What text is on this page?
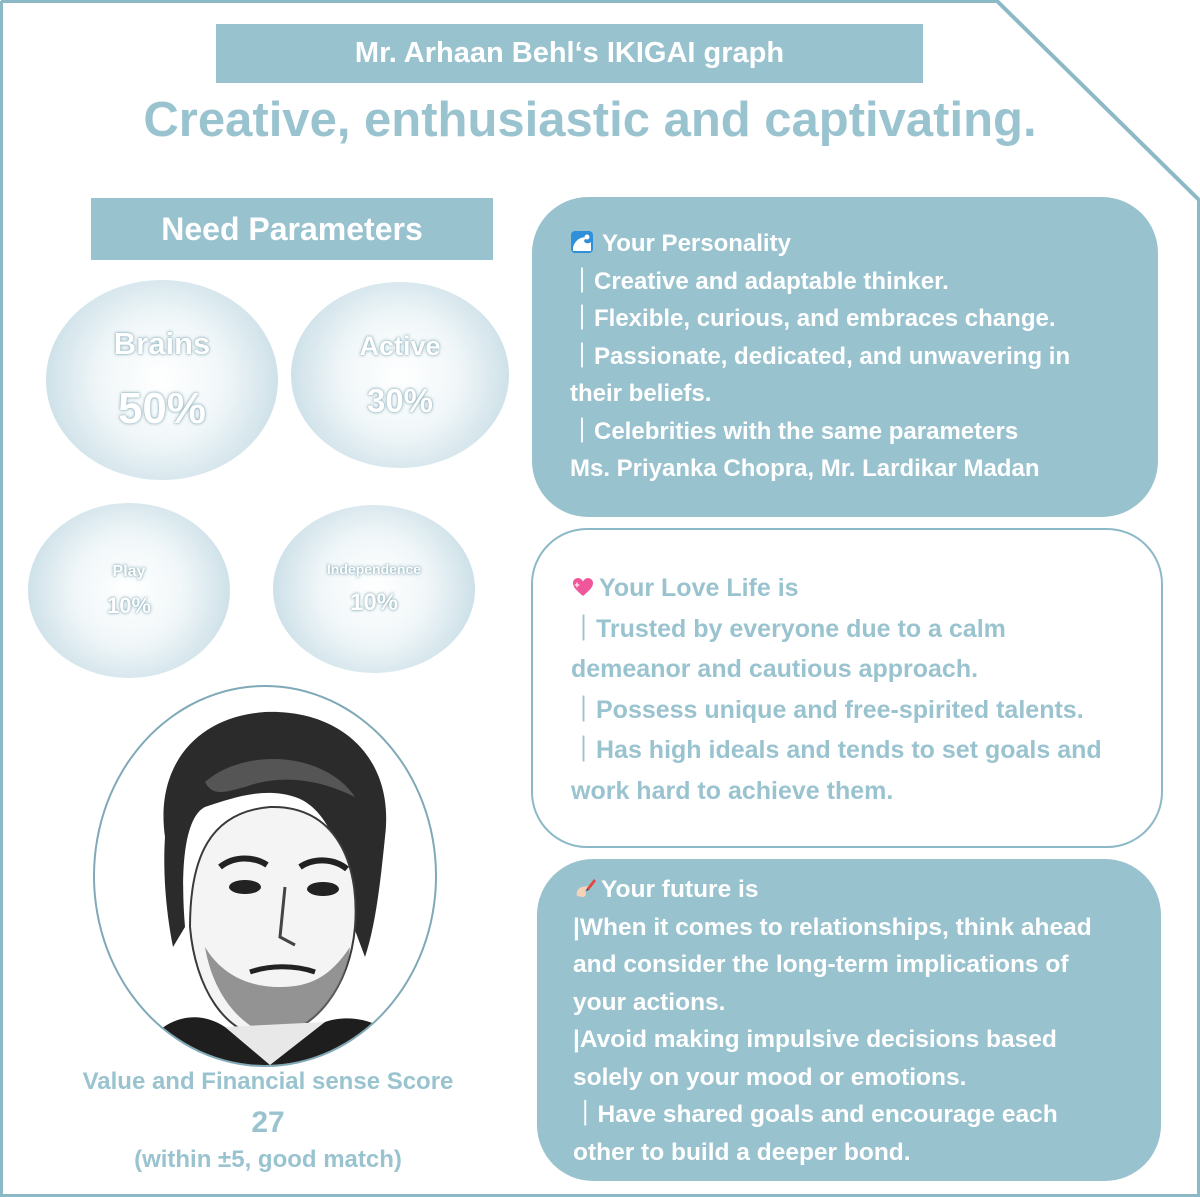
Mr. Arhaan Behl‘s IKIGAI graph
Creative, enthusiastic and captivating.
Need Parameters
Brains
50%
Active
30%
Play
10%
Independence
10%
Value and Financial sense Score
27
(within ±5, good match)
Your Personality
｜Creative and adaptable thinker.
｜Flexible, curious, and embraces change.
｜Passionate, dedicated, and unwavering in
their beliefs.
｜Celebrities with the same parameters
Ms. Priyanka Chopra, Mr. Lardikar Madan
Your Love Life is
｜Trusted by everyone due to a calm
demeanor and cautious approach.
｜Possess unique and free-spirited talents.
｜Has high ideals and tends to set goals and
work hard to achieve them.
Your future is
|When it comes to relationships, think ahead
and consider the long-term implications of
your actions.
|Avoid making impulsive decisions based
solely on your mood or emotions.
｜Have shared goals and encourage each
other to build a deeper bond.
